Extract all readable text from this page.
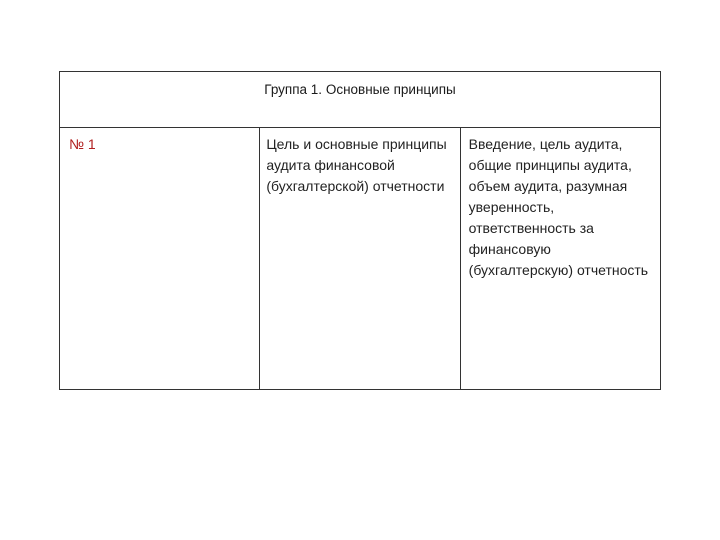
Группа 1. Основные принципы
№ 1	Цель и основные принципы аудита финансовой (бухгалтерской) отчетности	Введение, цель аудита, общие принципы аудита, объем аудита, разумная уверенность, ответственность за финансовую (бухгалтерскую) отчетность
